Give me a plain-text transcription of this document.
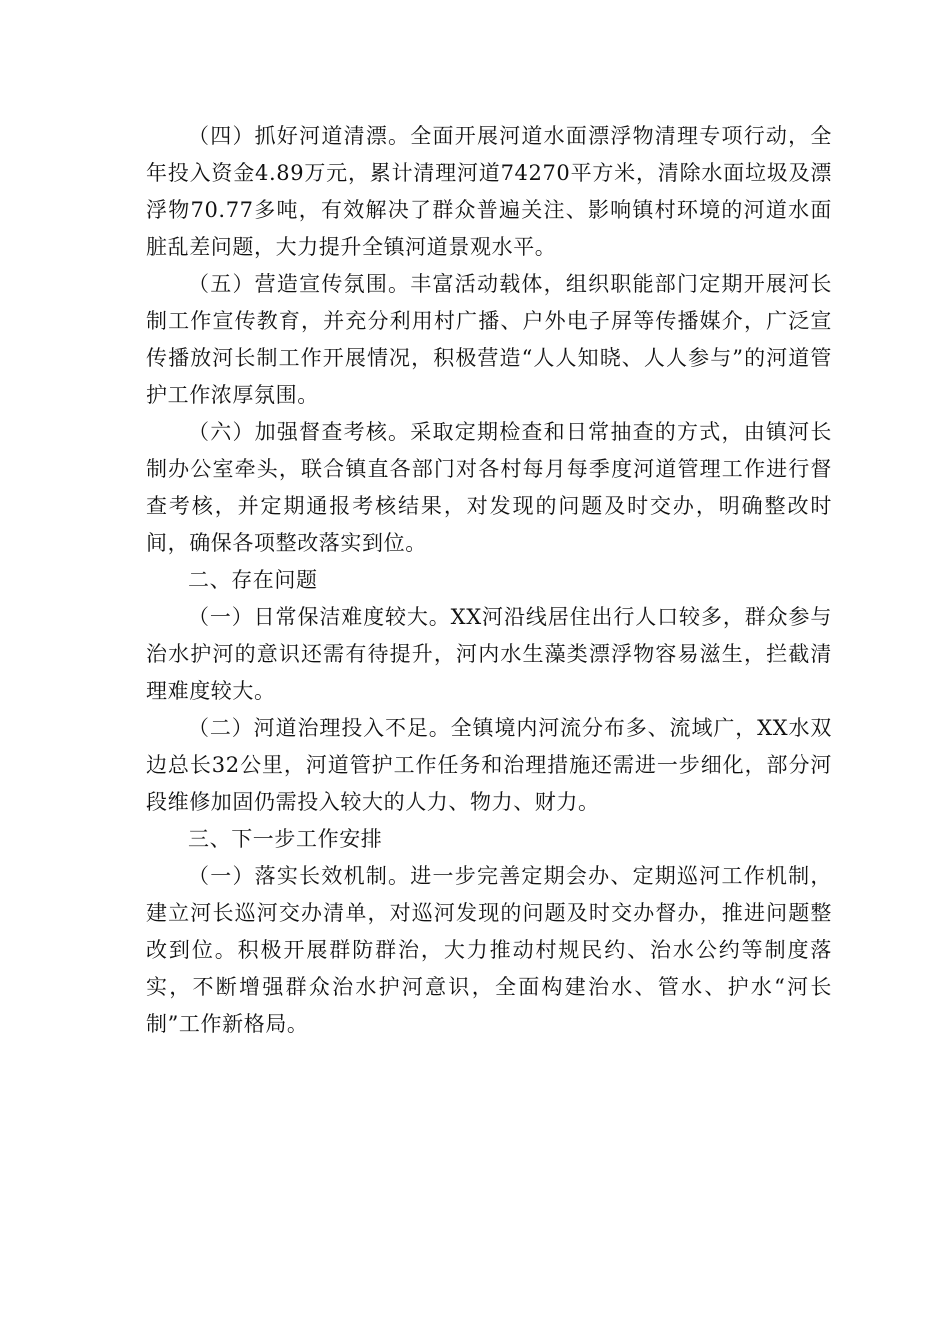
（四）抓好河道清漂。全面开展河道水面漂浮物清理专项行动，全年投入资金4.89万元，累计清理河道74270平方米，清除水面垃圾及漂浮物70.77多吨，有效解决了群众普遍关注、影响镇村环境的河道水面脏乱差问题，大力提升全镇河道景观水平。

（五）营造宣传氛围。丰富活动载体，组织职能部门定期开展河长制工作宣传教育，并充分利用村广播、户外电子屏等传播媒介，广泛宣传播放河长制工作开展情况，积极营造“人人知晓、人人参与”的河道管护工作浓厚氛围。

（六）加强督查考核。采取定期检查和日常抽查的方式，由镇河长制办公室牵头，联合镇直各部门对各村每月每季度河道管理工作进行督查考核，并定期通报考核结果，对发现的问题及时交办，明确整改时间，确保各项整改落实到位。

二、存在问题

（一）日常保洁难度较大。XX河沿线居住出行人口较多，群众参与治水护河的意识还需有待提升，河内水生藻类漂浮物容易滋生，拦截清理难度较大。

（二）河道治理投入不足。全镇境内河流分布多、流域广，XX水双边总长32公里，河道管护工作任务和治理措施还需进一步细化，部分河段维修加固仍需投入较大的人力、物力、财力。

三、下一步工作安排

（一）落实长效机制。进一步完善定期会办、定期巡河工作机制，建立河长巡河交办清单，对巡河发现的问题及时交办督办，推进问题整改到位。积极开展群防群治，大力推动村规民约、治水公约等制度落实，不断增强群众治水护河意识，全面构建治水、管水、护水“河长制”工作新格局。
